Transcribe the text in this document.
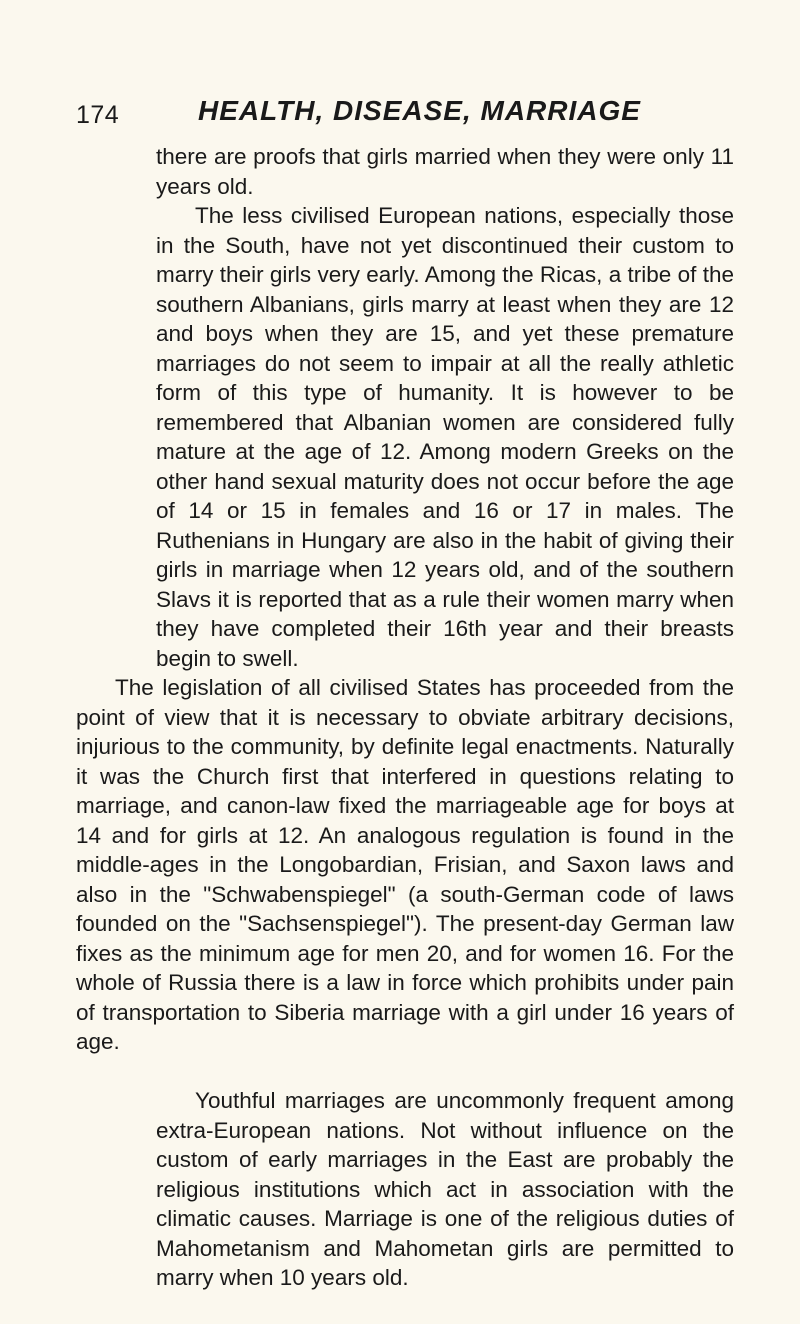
174	HEALTH, DISEASE, MARRIAGE

there are proofs that girls married when they were only 11 years old.

The less civilised European nations, especially those in the South, have not yet discontinued their custom to marry their girls very early. Among the Ricas, a tribe of the southern Albanians, girls marry at least when they are 12 and boys when they are 15, and yet these premature marriages do not seem to impair at all the really athletic form of this type of humanity. It is however to be remembered that Albanian women are considered fully mature at the age of 12. Among modern Greeks on the other hand sexual maturity does not occur before the age of 14 or 15 in females and 16 or 17 in males. The Ruthenians in Hungary are also in the habit of giving their girls in marriage when 12 years old, and of the southern Slavs it is reported that as a rule their women marry when they have completed their 16th year and their breasts begin to swell.

The legislation of all civilised States has proceeded from the point of view that it is necessary to obviate arbitrary decisions, injurious to the community, by definite legal enactments. Naturally it was the Church first that interfered in questions relating to marriage, and canon-law fixed the marriageable age for boys at 14 and for girls at 12. An analogous regulation is found in the middle-ages in the Longobardian, Frisian, and Saxon laws and also in the "Schwabenspiegel" (a south-German code of laws founded on the "Sachsenspiegel"). The present-day German law fixes as the minimum age for men 20, and for women 16. For the whole of Russia there is a law in force which prohibits under pain of transportation to Siberia marriage with a girl under 16 years of age.

Youthful marriages are uncommonly frequent among extra-European nations. Not without influence on the custom of early marriages in the East are probably the religious institutions which act in association with the climatic causes. Marriage is one of the religious duties of Mahometanism and Mahometan girls are permitted to marry when 10 years old.
